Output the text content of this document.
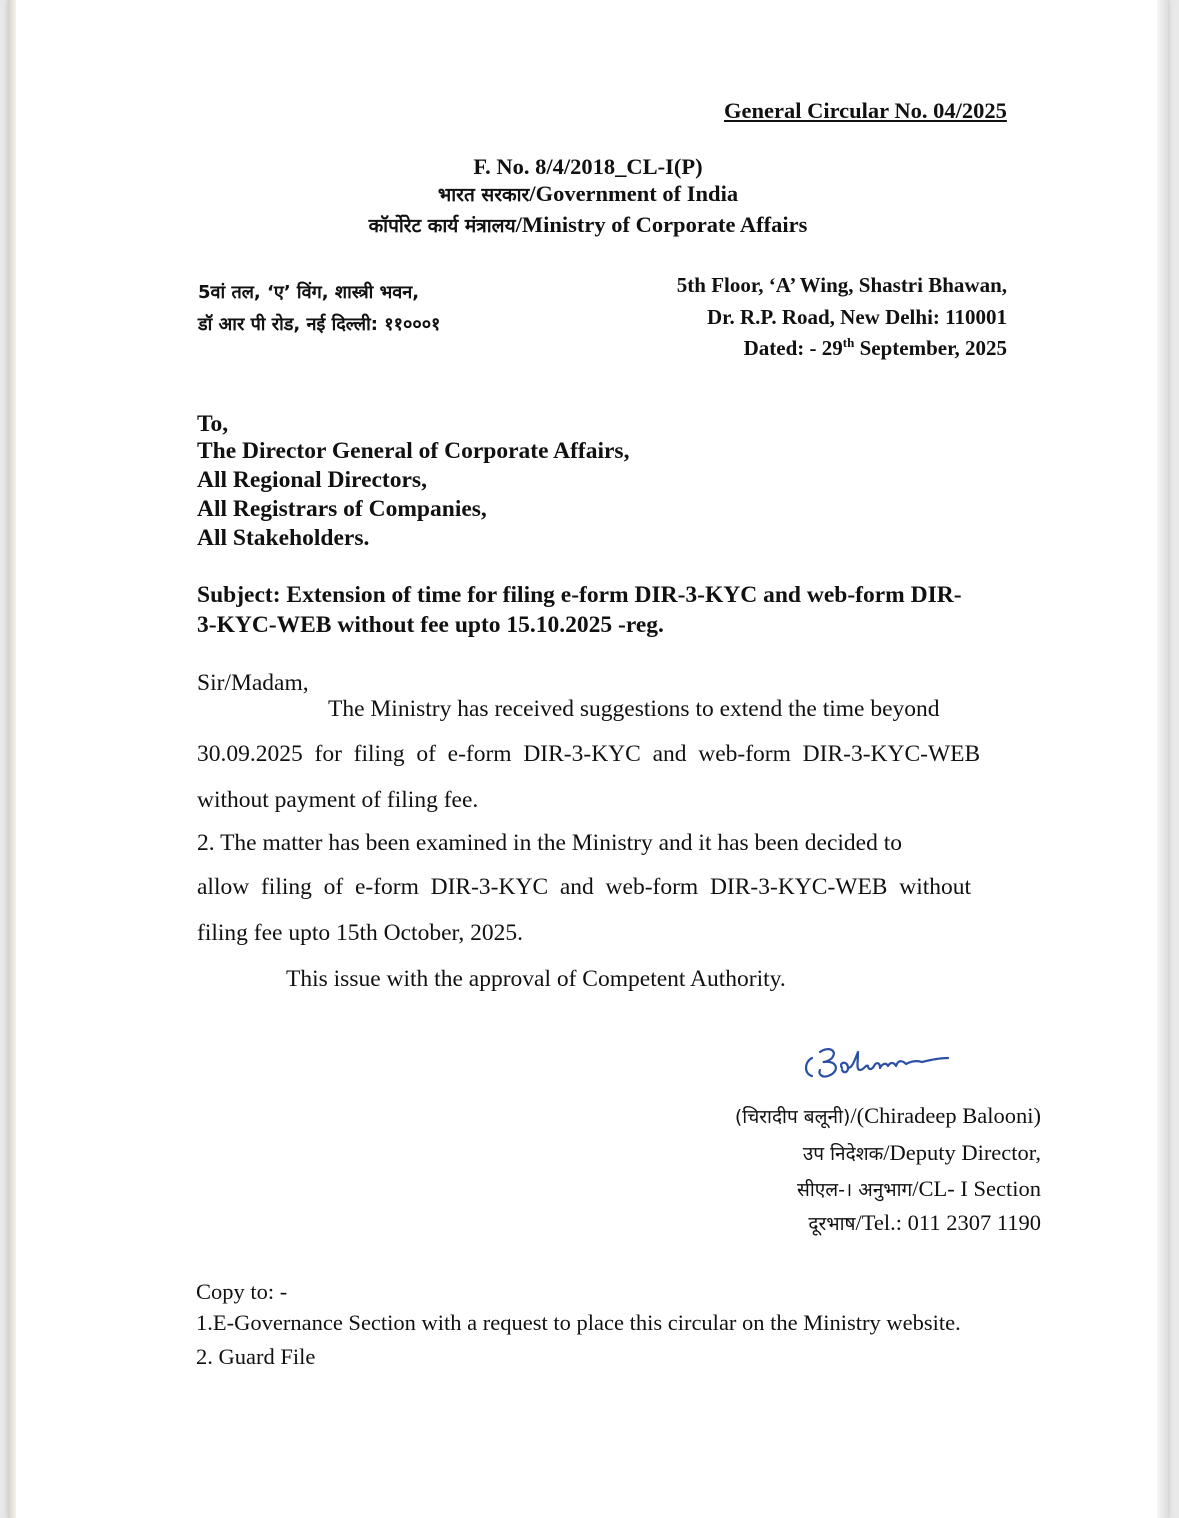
General Circular No. 04/2025
F. No. 8/4/2018_CL-I(P)
भारत सरकार/Government of India
कॉर्पोरेट कार्य मंत्रालय/Ministry of Corporate Affairs
5वां तल, ‘ए’ विंग, शास्त्री भवन,
डॉ आर पी रोड, नई दिल्ली: ११०००१
5th Floor, ‘A’ Wing, Shastri Bhawan,
Dr. R.P. Road, New Delhi: 110001
Dated: - 29th September, 2025
To,
The Director General of Corporate Affairs,
All Regional Directors,
All Registrars of Companies,
All Stakeholders.
Subject: Extension of time for filing e-form DIR-3-KYC and web-form DIR-
3-KYC-WEB without fee upto 15.10.2025 -reg.
Sir/Madam,
The Ministry has received suggestions to extend the time beyond
30.09.2025  for  filing  of  e-form  DIR-3-KYC  and  web-form  DIR-3-KYC-WEB
without payment of filing fee.
2. The matter has been examined in the Ministry and it has been decided to
allow  filing  of  e-form  DIR-3-KYC  and  web-form  DIR-3-KYC-WEB  without
filing fee upto 15th October, 2025.
This issue with the approval of Competent Authority.
(चिरादीप बलूनी)/(Chiradeep Balooni)
उप निदेशक/Deputy Director,
सीएल-। अनुभाग/CL- I Section
दूरभाष/Tel.: 011 2307 1190
Copy to: -
1.E-Governance Section with a request to place this circular on the Ministry website.
2. Guard File
